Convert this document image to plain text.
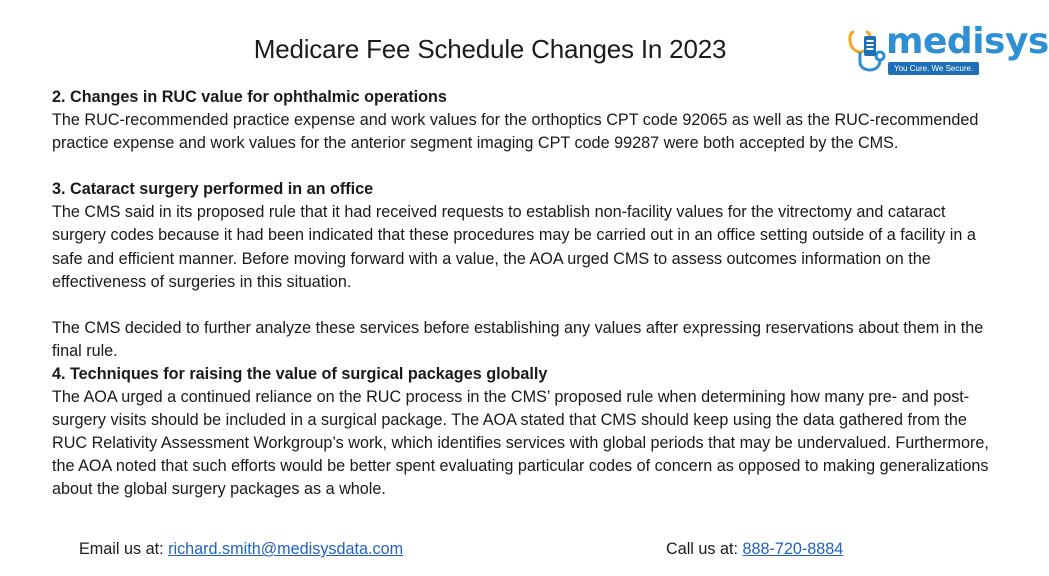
Medicare Fee Schedule Changes In 2023	medisys
You Cure. We Secure.

2. Changes in RUC value for ophthalmic operations

The RUC-recommended practice expense and work values for the orthoptics CPT code 92065 as well as the RUC-recommended practice expense and work values for the anterior segment imaging CPT code 99287 were both accepted by the CMS.

3. Cataract surgery performed in an office

The CMS said in its proposed rule that it had received requests to establish non-facility values for the vitrectomy and cataract surgery codes because it had been indicated that these procedures may be carried out in an office setting outside of a facility in a safe and efficient manner. Before moving forward with a value, the AOA urged CMS to assess outcomes information on the effectiveness of surgeries in this situation.

The CMS decided to further analyze these services before establishing any values after expressing reservations about them in the final rule.

4. Techniques for raising the value of surgical packages globally

The AOA urged a continued reliance on the RUC process in the CMS’ proposed rule when determining how many pre- and post-surgery visits should be included in a surgical package. The AOA stated that CMS should keep using the data gathered from the RUC Relativity Assessment Workgroup’s work, which identifies services with global periods that may be undervalued. Furthermore, the AOA noted that such efforts would be better spent evaluating particular codes of concern as opposed to making generalizations about the global surgery packages as a whole.

Email us at: richard.smith@medisysdata.com	Call us at: 888-720-8884
